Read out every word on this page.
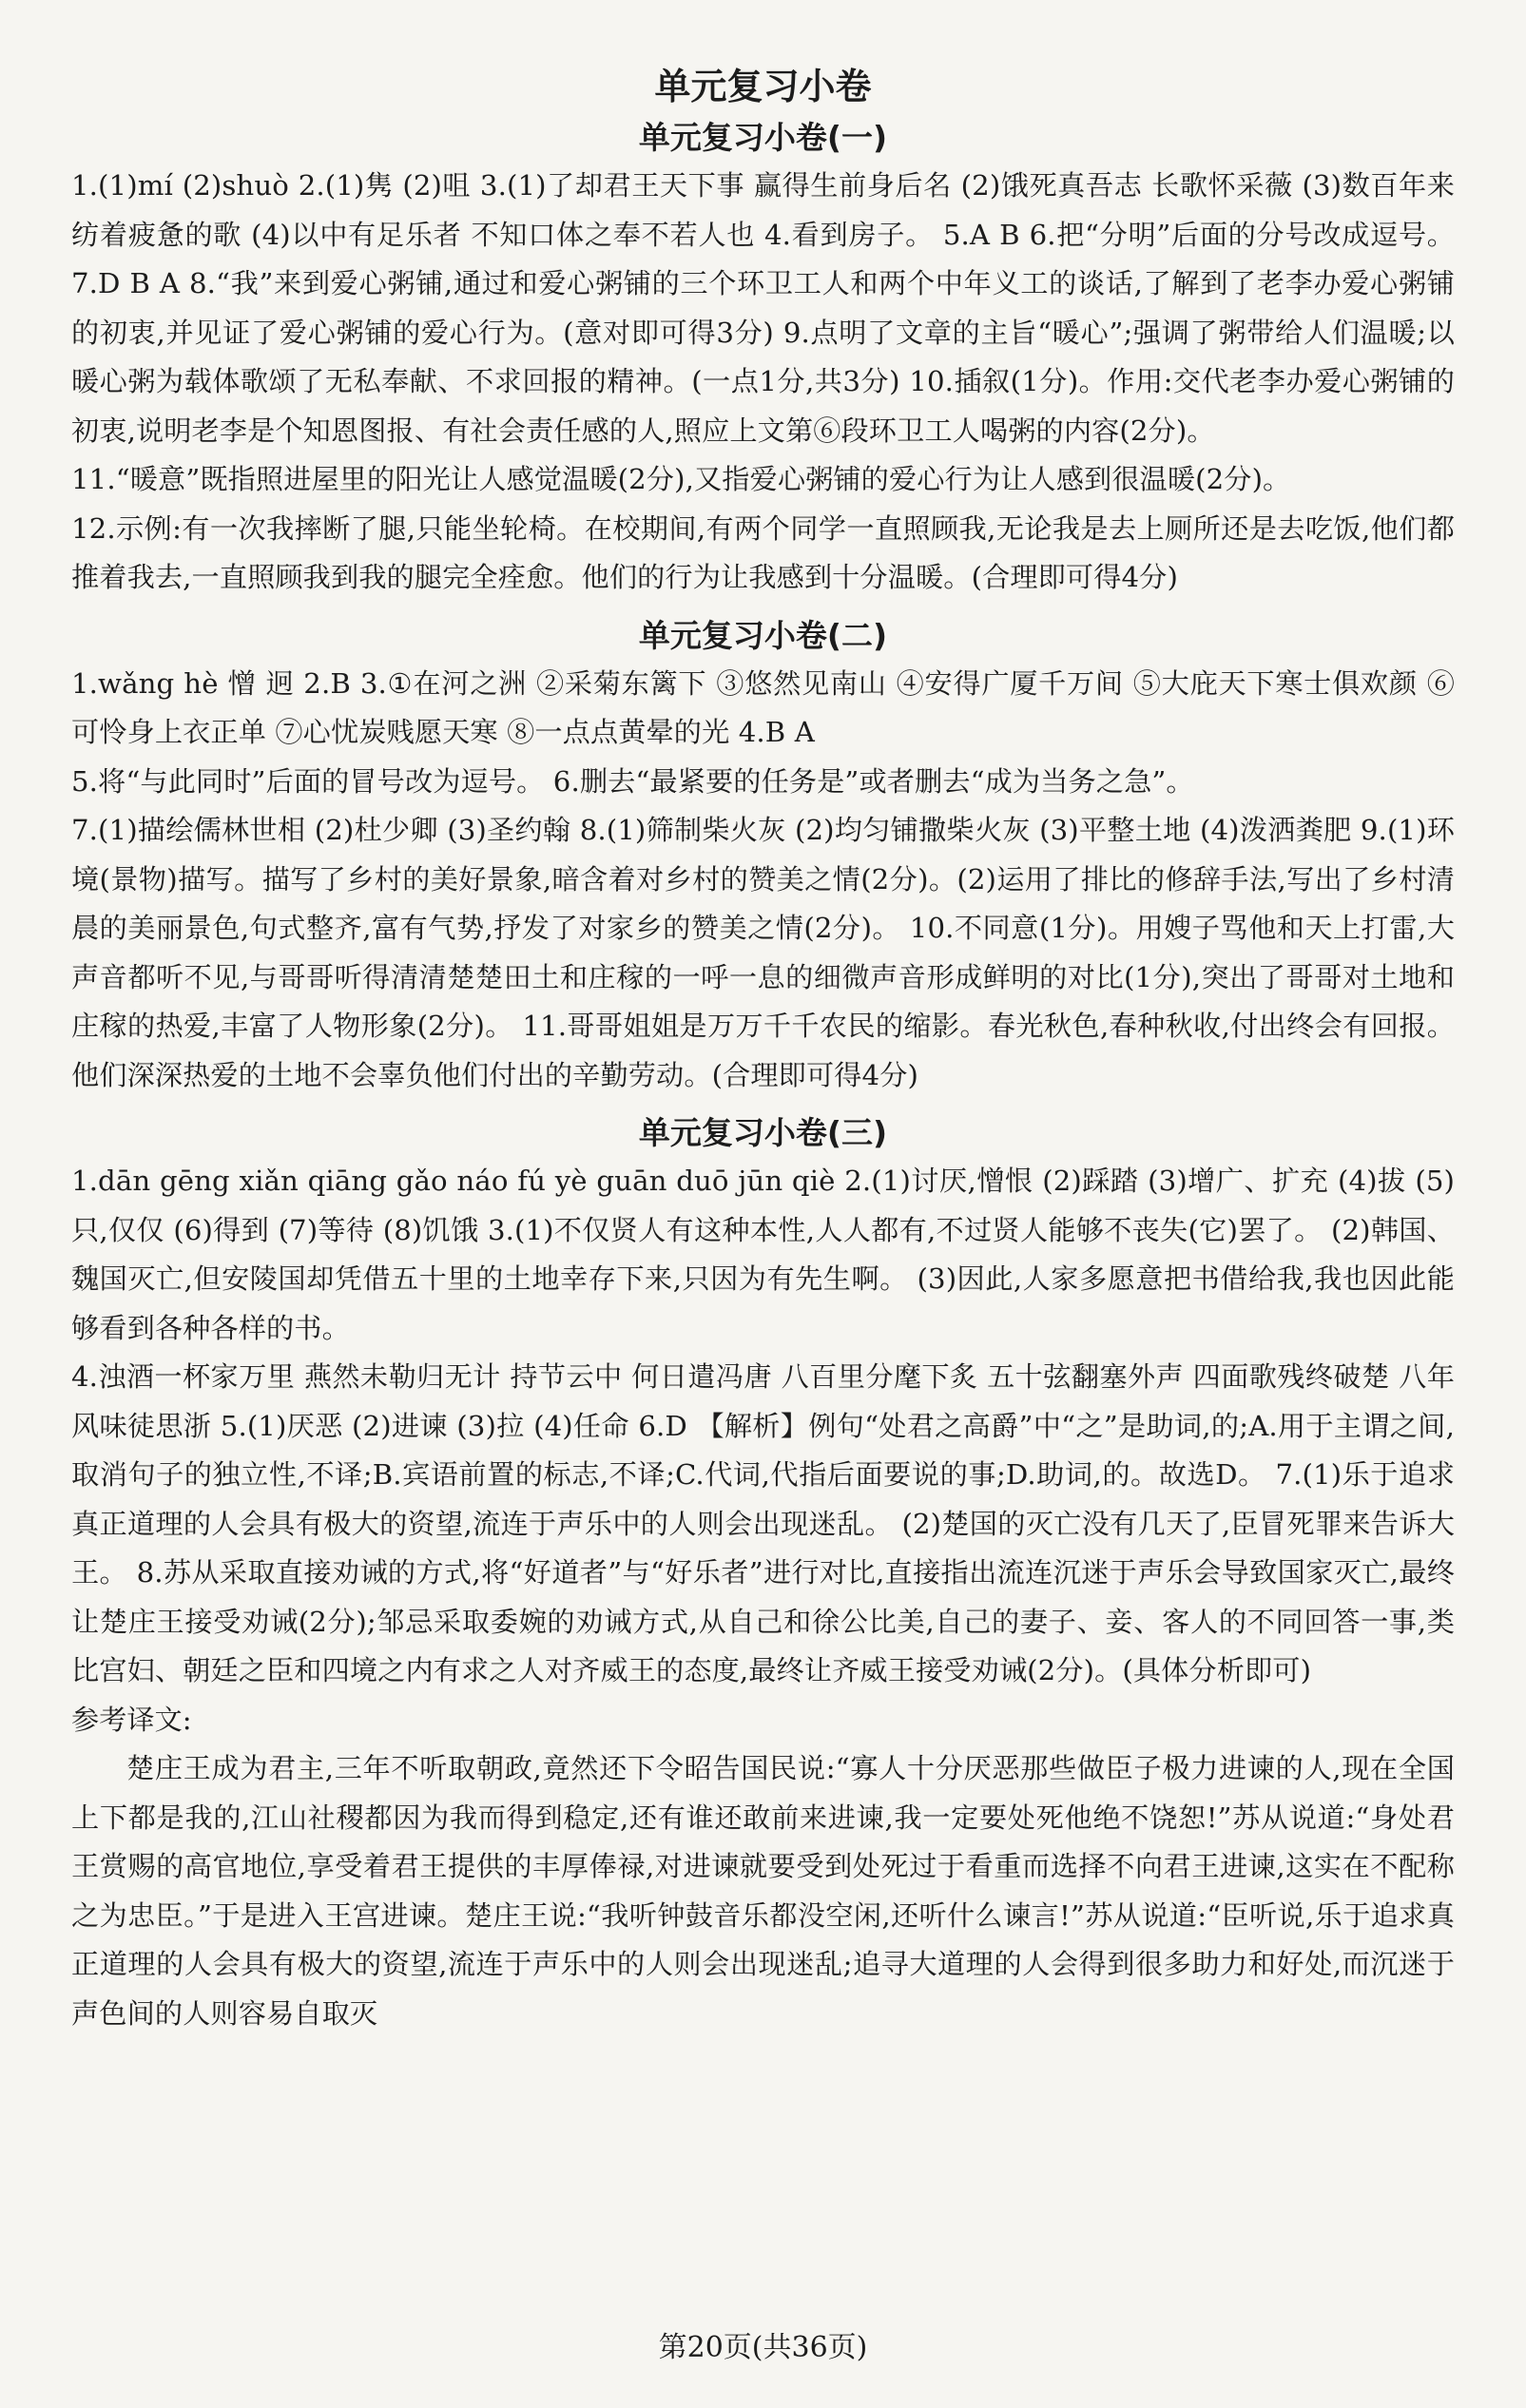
单元复习小卷
单元复习小卷(一)

1.(1)mí (2)shuò 2.(1)隽 (2)咀 3.(1)了却君王天下事 赢得生前身后名 (2)饿死真吾志 长歌怀采薇 (3)数百年来纺着疲惫的歌 (4)以中有足乐者 不知口体之奉不若人也 4.看到房子。 5.A B 6.把“分明”后面的分号改成逗号。 7.D B A 8.“我”来到爱心粥铺,通过和爱心粥铺的三个环卫工人和两个中年义工的谈话,了解到了老李办爱心粥铺的初衷,并见证了爱心粥铺的爱心行为。(意对即可得3分) 9.点明了文章的主旨“暖心”;强调了粥带给人们温暖;以暖心粥为载体歌颂了无私奉献、不求回报的精神。(一点1分,共3分) 10.插叙(1分)。作用:交代老李办爱心粥铺的初衷,说明老李是个知恩图报、有社会责任感的人,照应上文第⑥段环卫工人喝粥的内容(2分)。

11.“暖意”既指照进屋里的阳光让人感觉温暖(2分),又指爱心粥铺的爱心行为让人感到很温暖(2分)。

12.示例:有一次我摔断了腿,只能坐轮椅。在校期间,有两个同学一直照顾我,无论我是去上厕所还是去吃饭,他们都推着我去,一直照顾我到我的腿完全痊愈。他们的行为让我感到十分温暖。(合理即可得4分)

单元复习小卷(二)

1.wǎng hè 憎 迥 2.B 3.①在河之洲 ②采菊东篱下 ③悠然见南山 ④安得广厦千万间 ⑤大庇天下寒士俱欢颜 ⑥可怜身上衣正单 ⑦心忧炭贱愿天寒 ⑧一点点黄晕的光 4.B A

5.将“与此同时”后面的冒号改为逗号。 6.删去“最紧要的任务是”或者删去“成为当务之急”。

7.(1)描绘儒林世相 (2)杜少卿 (3)圣约翰 8.(1)筛制柴火灰 (2)均匀铺撒柴火灰 (3)平整土地 (4)泼洒粪肥 9.(1)环境(景物)描写。描写了乡村的美好景象,暗含着对乡村的赞美之情(2分)。(2)运用了排比的修辞手法,写出了乡村清晨的美丽景色,句式整齐,富有气势,抒发了对家乡的赞美之情(2分)。 10.不同意(1分)。用嫂子骂他和天上打雷,大声音都听不见,与哥哥听得清清楚楚田土和庄稼的一呼一息的细微声音形成鲜明的对比(1分),突出了哥哥对土地和庄稼的热爱,丰富了人物形象(2分)。 11.哥哥姐姐是万万千千农民的缩影。春光秋色,春种秋收,付出终会有回报。他们深深热爱的土地不会辜负他们付出的辛勤劳动。(合理即可得4分)

单元复习小卷(三)

1.dān gēng xiǎn qiāng gǎo náo fú yè guān duō jūn qiè 2.(1)讨厌,憎恨 (2)踩踏 (3)增广、扩充 (4)拔 (5)只,仅仅 (6)得到 (7)等待 (8)饥饿 3.(1)不仅贤人有这种本性,人人都有,不过贤人能够不丧失(它)罢了。 (2)韩国、魏国灭亡,但安陵国却凭借五十里的土地幸存下来,只因为有先生啊。 (3)因此,人家多愿意把书借给我,我也因此能够看到各种各样的书。

4.浊酒一杯家万里 燕然未勒归无计 持节云中 何日遣冯唐 八百里分麾下炙 五十弦翻塞外声 四面歌残终破楚 八年风味徒思浙 5.(1)厌恶 (2)进谏 (3)拉 (4)任命 6.D 【解析】例句“处君之高爵”中“之”是助词,的;A.用于主谓之间,取消句子的独立性,不译;B.宾语前置的标志,不译;C.代词,代指后面要说的事;D.助词,的。故选D。 7.(1)乐于追求真正道理的人会具有极大的资望,流连于声乐中的人则会出现迷乱。 (2)楚国的灭亡没有几天了,臣冒死罪来告诉大王。 8.苏从采取直接劝诫的方式,将“好道者”与“好乐者”进行对比,直接指出流连沉迷于声乐会导致国家灭亡,最终让楚庄王接受劝诫(2分);邹忌采取委婉的劝诫方式,从自己和徐公比美,自己的妻子、妾、客人的不同回答一事,类比宫妇、朝廷之臣和四境之内有求之人对齐威王的态度,最终让齐威王接受劝诫(2分)。(具体分析即可)

参考译文:

楚庄王成为君主,三年不听取朝政,竟然还下令昭告国民说:“寡人十分厌恶那些做臣子极力进谏的人,现在全国上下都是我的,江山社稷都因为我而得到稳定,还有谁还敢前来进谏,我一定要处死他绝不饶恕!”苏从说道:“身处君王赏赐的高官地位,享受着君王提供的丰厚俸禄,对进谏就要受到处死过于看重而选择不向君王进谏,这实在不配称之为忠臣。”于是进入王宫进谏。楚庄王说:“我听钟鼓音乐都没空闲,还听什么谏言!”苏从说道:“臣听说,乐于追求真正道理的人会具有极大的资望,流连于声乐中的人则会出现迷乱;追寻大道理的人会得到很多助力和好处,而沉迷于声色间的人则容易自取灭

第20页(共36页)
